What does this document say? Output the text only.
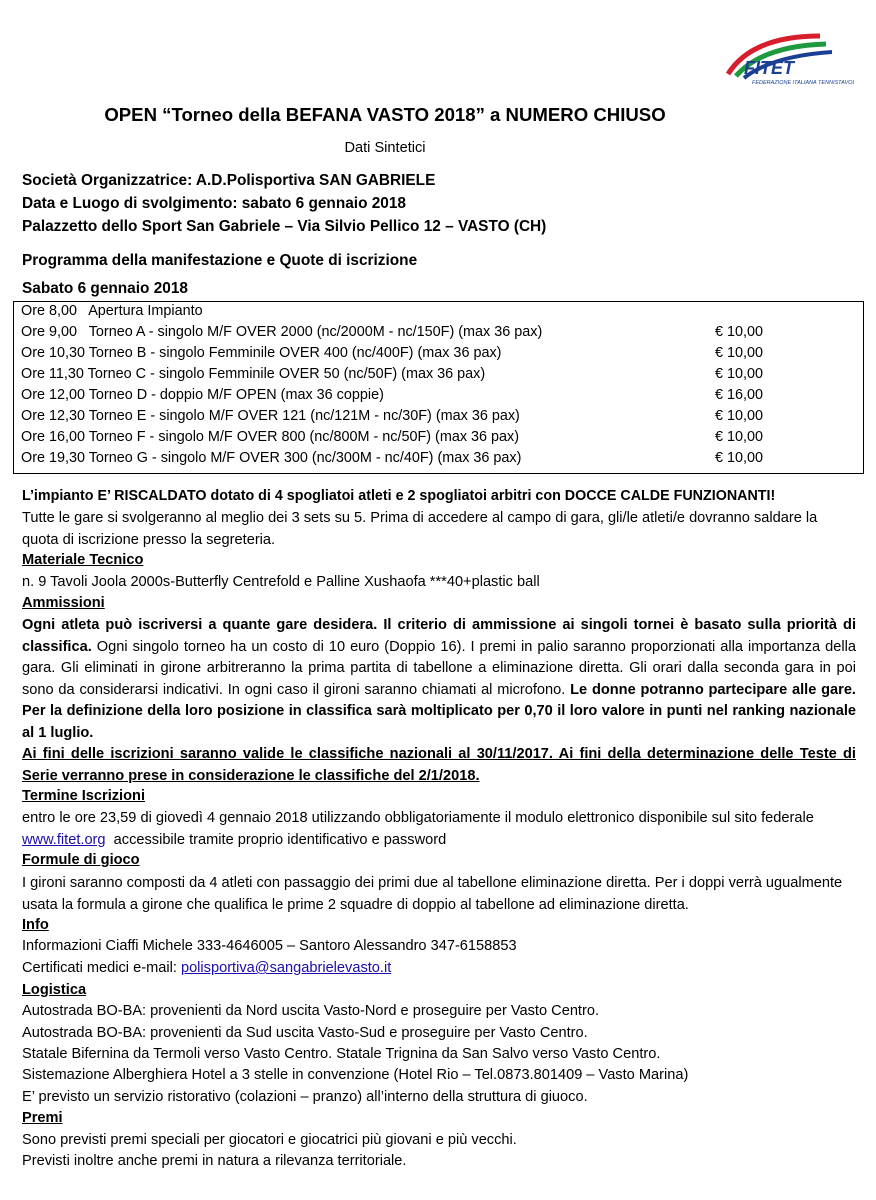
FITET
FEDERAZIONE ITALIANA TENNISTAVOLO
OPEN “Torneo della BEFANA VASTO 2018” a NUMERO CHIUSO
Dati Sintetici
Società Organizzatrice: A.D.Polisportiva SAN GABRIELE
Data e Luogo di svolgimento: sabato 6 gennaio 2018
Palazzetto dello Sport San Gabriele – Via Silvio Pellico 12 – VASTO (CH)
Programma della manifestazione e Quote di iscrizione
Sabato 6 gennaio 2018
Ore 8,00   Apertura Impianto
Ore 9,00   Torneo A - singolo M/F OVER 2000 (nc/2000M - nc/150F) (max 36 pax)	€ 10,00
Ore 10,30 Torneo B - singolo Femminile OVER 400 (nc/400F) (max 36 pax)	€ 10,00
Ore 11,30 Torneo C - singolo Femminile OVER 50 (nc/50F) (max 36 pax)	€ 10,00
Ore 12,00 Torneo D - doppio M/F OPEN (max 36 coppie)	€ 16,00
Ore 12,30 Torneo E - singolo M/F OVER 121 (nc/121M - nc/30F) (max 36 pax)	€ 10,00
Ore 16,00 Torneo F - singolo M/F OVER 800 (nc/800M - nc/50F) (max 36 pax)	€ 10,00
Ore 19,30 Torneo G - singolo M/F OVER 300 (nc/300M - nc/40F) (max 36 pax)	€ 10,00
L’impianto E’ RISCALDATO dotato di 4 spogliatoi atleti e 2 spogliatoi arbitri con DOCCE CALDE FUNZIONANTI!
Tutte le gare si svolgeranno al meglio dei 3 sets su 5. Prima di accedere al campo di gara, gli/le atleti/e dovranno saldare la quota di iscrizione presso la segreteria.
Materiale Tecnico
n. 9 Tavoli Joola 2000s-Butterfly Centrefold e Palline Xushaofa ***40+plastic ball
Ammissioni
Ogni atleta può iscriversi a quante gare desidera. Il criterio di ammissione ai singoli tornei è basato sulla priorità di classifica. Ogni singolo torneo ha un costo di 10 euro (Doppio 16). I premi in palio saranno proporzionati alla importanza della gara. Gli eliminati in girone arbitreranno la prima partita di tabellone a eliminazione diretta. Gli orari dalla seconda gara in poi sono da considerarsi indicativi. In ogni caso il gironi saranno chiamati al microfono. Le donne potranno partecipare alle gare. Per la definizione della loro posizione in classifica sarà moltiplicato per 0,70 il loro valore in punti nel ranking nazionale al 1 luglio.
Ai fini delle iscrizioni saranno valide le classifiche nazionali al 30/11/2017. Ai fini della determinazione delle Teste di Serie verranno prese in considerazione le classifiche del 2/1/2018.
Termine Iscrizioni
entro le ore 23,59 di giovedì 4 gennaio 2018 utilizzando obbligatoriamente il modulo elettronico disponibile sul sito federale www.fitet.org  accessibile tramite proprio identificativo e password
Formule di gioco
I gironi saranno composti da 4 atleti con passaggio dei primi due al tabellone eliminazione diretta. Per i doppi verrà ugualmente usata la formula a girone che qualifica le prime 2 squadre di doppio al tabellone ad eliminazione diretta.
Info
Informazioni Ciaffi Michele 333-4646005 – Santoro Alessandro 347-6158853
Certificati medici e-mail: polisportiva@sangabrielevasto.it
Logistica
Autostrada BO-BA: provenienti da Nord uscita Vasto-Nord e proseguire per Vasto Centro.
Autostrada BO-BA: provenienti da Sud uscita Vasto-Sud e proseguire per Vasto Centro.
Statale Bifernina da Termoli verso Vasto Centro. Statale Trignina da San Salvo verso Vasto Centro.
Sistemazione Alberghiera Hotel a 3 stelle in convenzione (Hotel Rio – Tel.0873.801409 – Vasto Marina)
E’ previsto un servizio ristorativo (colazioni – pranzo) all’interno della struttura di giuoco.
Premi
Sono previsti premi speciali per giocatori e giocatrici più giovani e più vecchi.
Previsti inoltre anche premi in natura a rilevanza territoriale.
